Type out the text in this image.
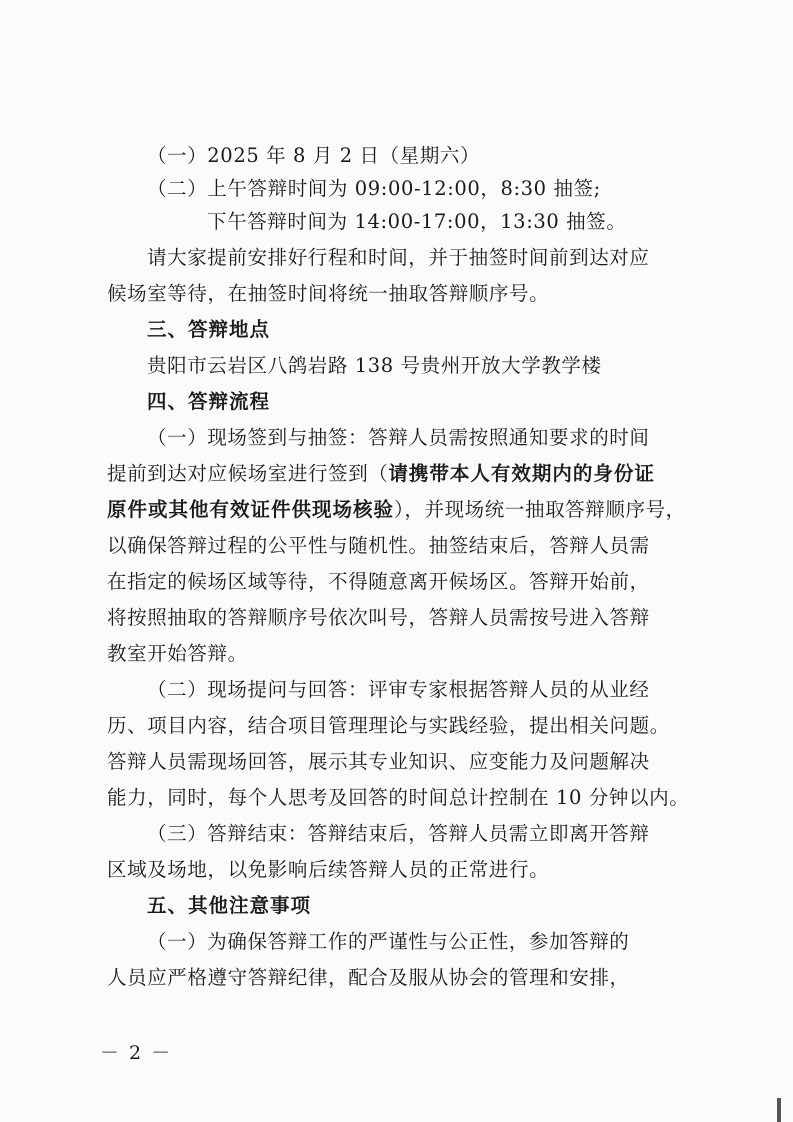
（一）2025 年 8 月 2 日（星期六）
（二）上午答辩时间为 09:00-12:00，8:30 抽签;
下午答辩时间为 14:00-17:00，13:30 抽签。
请大家提前安排好行程和时间，并于抽签时间前到达对应
候场室等待，在抽签时间将统一抽取答辩顺序号。
三、答辩地点
贵阳市云岩区八鸽岩路 138 号贵州开放大学教学楼
四、答辩流程
（一）现场签到与抽签：答辩人员需按照通知要求的时间
提前到达对应候场室进行签到（请携带本人有效期内的身份证
原件或其他有效证件供现场核验），并现场统一抽取答辩顺序号，
以确保答辩过程的公平性与随机性。抽签结束后，答辩人员需
在指定的候场区域等待，不得随意离开候场区。答辩开始前，
将按照抽取的答辩顺序号依次叫号，答辩人员需按号进入答辩
教室开始答辩。
（二）现场提问与回答：评审专家根据答辩人员的从业经
历、项目内容，结合项目管理理论与实践经验，提出相关问题。
答辩人员需现场回答，展示其专业知识、应变能力及问题解决
能力，同时，每个人思考及回答的时间总计控制在 10 分钟以内。
（三）答辩结束：答辩结束后，答辩人员需立即离开答辩
区域及场地，以免影响后续答辩人员的正常进行。
五、其他注意事项
（一）为确保答辩工作的严谨性与公正性，参加答辩的
人员应严格遵守答辩纪律，配合及服从协会的管理和安排，
－ 2 －
